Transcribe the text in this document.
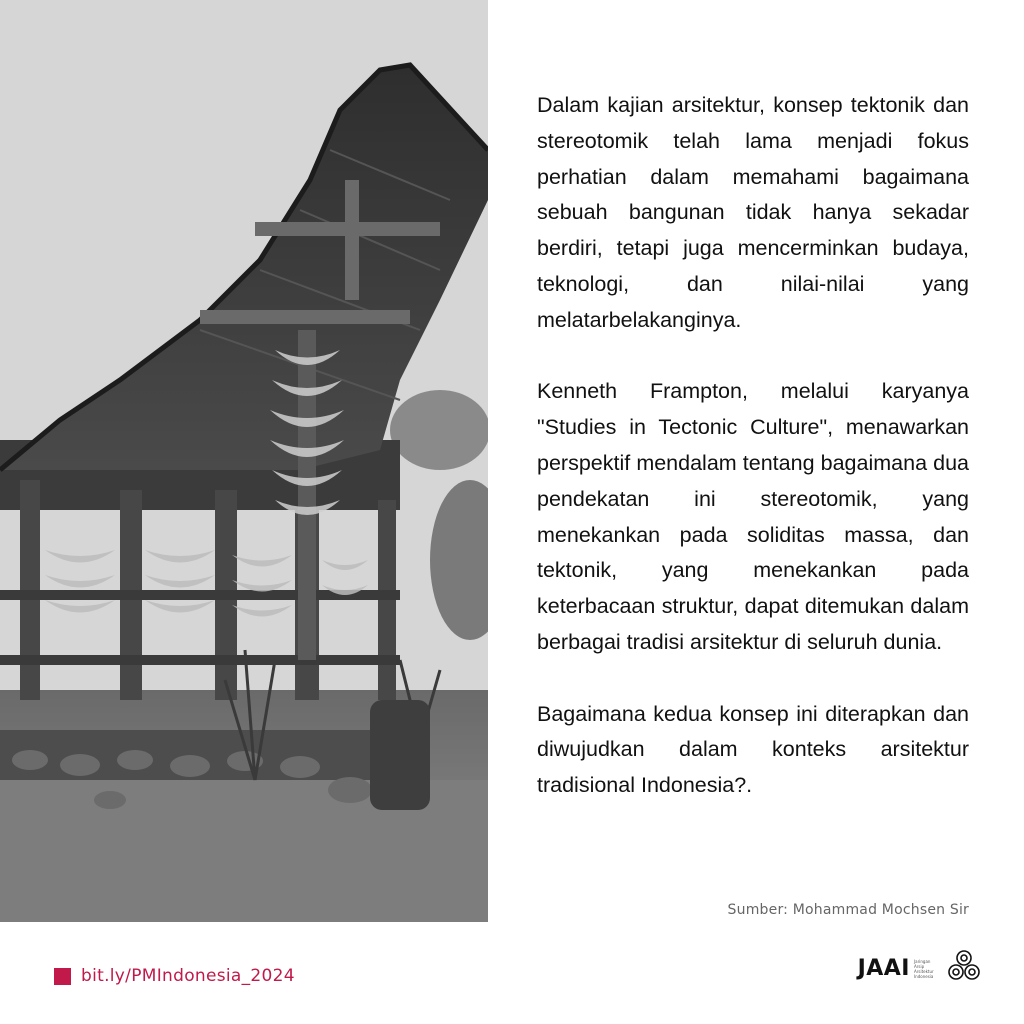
Dalam kajian arsitektur, konsep tektonik dan stereotomik telah lama menjadi fokus perhatian dalam memahami bagaimana sebuah bangunan tidak hanya sekadar berdiri, tetapi juga mencerminkan budaya, teknologi, dan nilai-nilai yang melatarbelakanginya.

Kenneth Frampton, melalui karyanya "Studies in Tectonic Culture", menawarkan perspektif mendalam tentang bagaimana dua pendekatan ini stereotomik, yang menekankan pada soliditas massa, dan tektonik, yang menekankan pada keterbacaan struktur, dapat ditemukan dalam berbagai tradisi arsitektur di seluruh dunia.

Bagaimana kedua konsep ini diterapkan dan diwujudkan dalam konteks arsitektur tradisional Indonesia?.

Sumber: Mohammad Mochsen Sir
bit.ly/PMIndonesia_2024	JAAI Jaringan Arsip Arsitektur Indonesia
